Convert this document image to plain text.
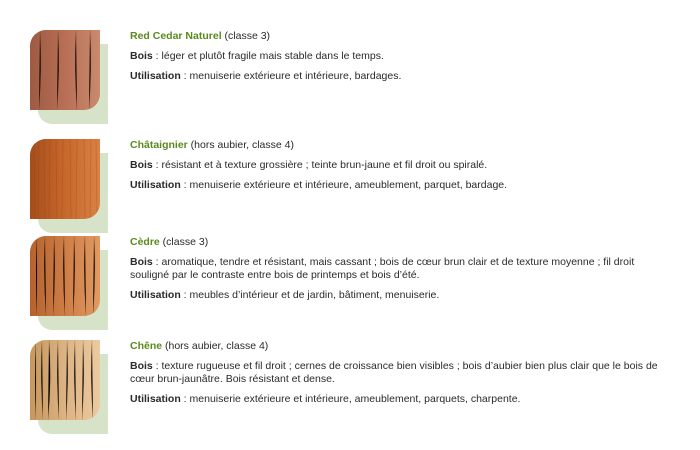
Red Cedar Naturel (classe 3)
Bois : léger et plutôt fragile mais stable dans le temps.
Utilisation : menuiserie extérieure et intérieure, bardages.
Châtaignier (hors aubier, classe 4)
Bois : résistant et à texture grossière ; teinte brun-jaune et fil droit ou spiralé.
Utilisation : menuiserie extérieure et intérieure, ameublement, parquet, bardage.
Cèdre (classe 3)
Bois : aromatique, tendre et résistant, mais cassant ; bois de cœur brun clair et de texture moyenne ; fil droit souligné par le contraste entre bois de printemps et bois d’été.
Utilisation : meubles d’intérieur et de jardin, bâtiment, menuiserie.
Chêne (hors aubier, classe 4)
Bois : texture rugueuse et fil droit ; cernes de croissance bien visibles ; bois d’aubier bien plus clair que le bois de cœur brun-jaunâtre. Bois résistant et dense.
Utilisation : menuiserie extérieure et intérieure, ameublement, parquets, charpente.
